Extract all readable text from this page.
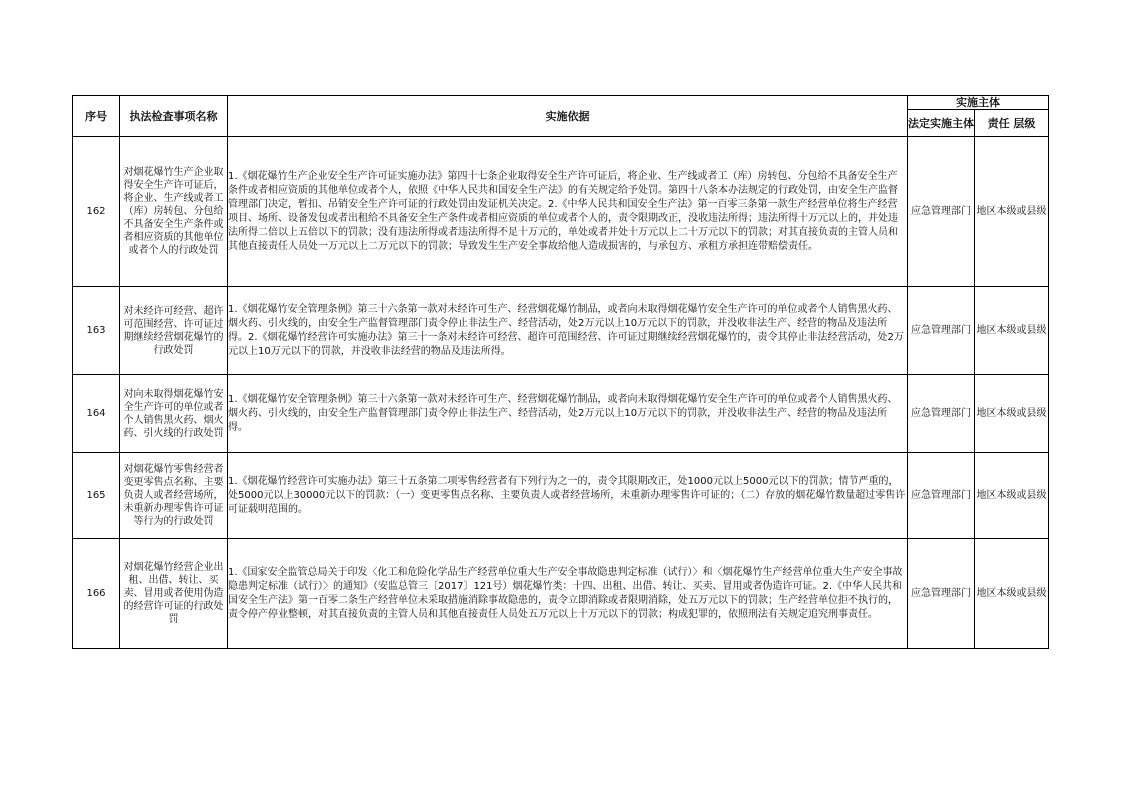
序号	执法检查事项名称	实施依据	实施主体	
			法定实施主体	责任 层级
162	对烟花爆竹生产企业取得安全生产许可证后，将企业、生产线或者工（库）房转包、分包给不具备安全生产条件或者相应资质的其他单位或者个人的行政处罚	1.《烟花爆竹生产企业安全生产许可证实施办法》第四十七条企业取得安全生产许可证后，将企业、生产线或者工（库）房转包、分包给不具备安全生产条件或者相应资质的其他单位或者个人，依照《中华人民共和国安全生产法》的有关规定给予处罚。第四十八条本办法规定的行政处罚，由安全生产监督管理部门决定，暂扣、吊销安全生产许可证的行政处罚由发证机关决定。2.《中华人民共和国安全生产法》第一百零三条第一款生产经营单位将生产经营项目、场所、设备发包或者出租给不具备安全生产条件或者相应资质的单位或者个人的，责令限期改正，没收违法所得；违法所得十万元以上的，并处违法所得二倍以上五倍以下的罚款；没有违法所得或者违法所得不足十万元的，单处或者并处十万元以上二十万元以下的罚款；对其直接负责的主管人员和其他直接责任人员处一万元以上二万元以下的罚款；导致发生生产安全事故给他人造成损害的，与承包方、承租方承担连带赔偿责任。	应急管理部门	地区本级或县级
163	对未经许可经营、超许可范围经营、许可证过期继续经营烟花爆竹的行政处罚	1.《烟花爆竹安全管理条例》第三十六条第一款对未经许可生产、经营烟花爆竹制品，或者向未取得烟花爆竹安全生产许可的单位或者个人销售黑火药、烟火药、引火线的，由安全生产监督管理部门责令停止非法生产、经营活动，处2万元以上10万元以下的罚款，并没收非法生产、经营的物品及违法所得。2.《烟花爆竹经营许可实施办法》第三十一条对未经许可经营、超许可范围经营、许可证过期继续经营烟花爆竹的，责令其停止非法经营活动，处2万元以上10万元以下的罚款，并没收非法经营的物品及违法所得。	应急管理部门	地区本级或县级
164	对向未取得烟花爆竹安全生产许可的单位或者个人销售黑火药、烟火药、引火线的行政处罚	1.《烟花爆竹安全管理条例》第三十六条第一款对未经许可生产、经营烟花爆竹制品，或者向未取得烟花爆竹安全生产许可的单位或者个人销售黑火药、烟火药、引火线的，由安全生产监督管理部门责令停止非法生产、经营活动，处2万元以上10万元以下的罚款，并没收非法生产、经营的物品及违法所得。	应急管理部门	地区本级或县级
165	对烟花爆竹零售经营者变更零售点名称、主要负责人或者经营场所，未重新办理零售许可证等行为的行政处罚	1.《烟花爆竹经营许可实施办法》第三十五条第二项零售经营者有下列行为之一的，责令其限期改正，处1000元以上5000元以下的罚款；情节严重的，处5000元以上30000元以下的罚款：（一）变更零售点名称、主要负责人或者经营场所，未重新办理零售许可证的；（二）存放的烟花爆竹数量超过零售许可证载明范围的。	应急管理部门	地区本级或县级
166	对烟花爆竹经营企业出租、出借、转让、买卖、冒用或者使用伪造的经营许可证的行政处罚	1.《国家安全监管总局关于印发〈化工和危险化学品生产经营单位重大生产安全事故隐患判定标准（试行）〉和〈烟花爆竹生产经营单位重大生产安全事故隐患判定标准（试行）〉的通知》（安监总管三〔2017〕121号）烟花爆竹类：十四、出租、出借、转让、买卖、冒用或者伪造许可证。2.《中华人民共和国安全生产法》第一百零二条生产经营单位未采取措施消除事故隐患的，责令立即消除或者限期消除，处五万元以下的罚款；生产经营单位拒不执行的，责令停产停业整顿，对其直接负责的主管人员和其他直接责任人员处五万元以上十万元以下的罚款；构成犯罪的，依照刑法有关规定追究刑事责任。	应急管理部门	地区本级或县级
